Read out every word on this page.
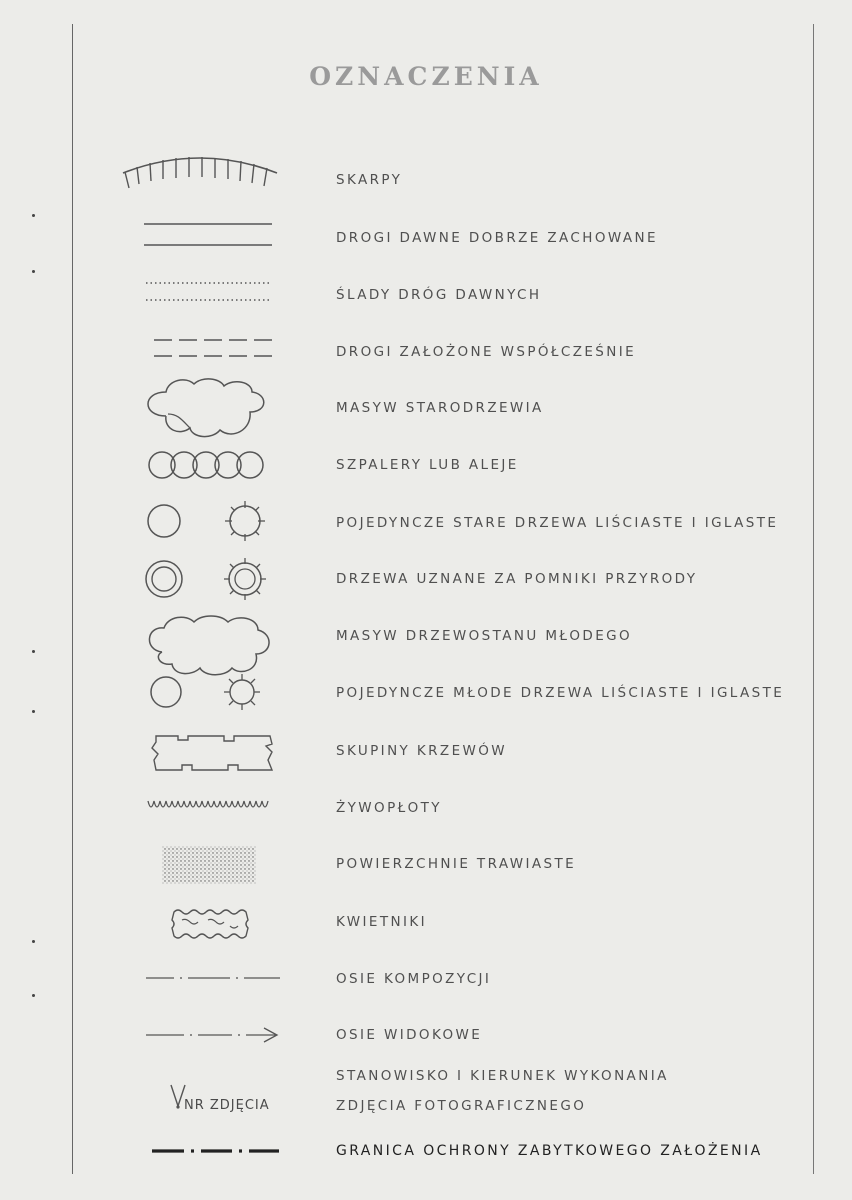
OZNACZENIA
SKARPY
DROGI DAWNE DOBRZE ZACHOWANE
ŚLADY DRÓG DAWNYCH
DROGI ZAŁOŻONE WSPÓŁCZEŚNIE
MASYW STARODRZEWIA
SZPALERY LUB ALEJE
POJEDYNCZE STARE DRZEWA LIŚCIASTE I IGLASTE
DRZEWA UZNANE ZA POMNIKI PRZYRODY
MASYW DRZEWOSTANU MŁODEGO
POJEDYNCZE MŁODE DRZEWA LIŚCIASTE I IGLASTE
SKUPINY KRZEWÓW
ŻYWOPŁOTY
POWIERZCHNIE TRAWIASTE
KWIETNIKI
OSIE KOMPOZYCJI
OSIE WIDOKOWE
STANOWISKO I KIERUNEK WYKONANIA
ZDJĘCIA FOTOGRAFICZNEGO
GRANICA OCHRONY ZABYTKOWEGO ZAŁOŻENIA
NR ZDJĘCIA
